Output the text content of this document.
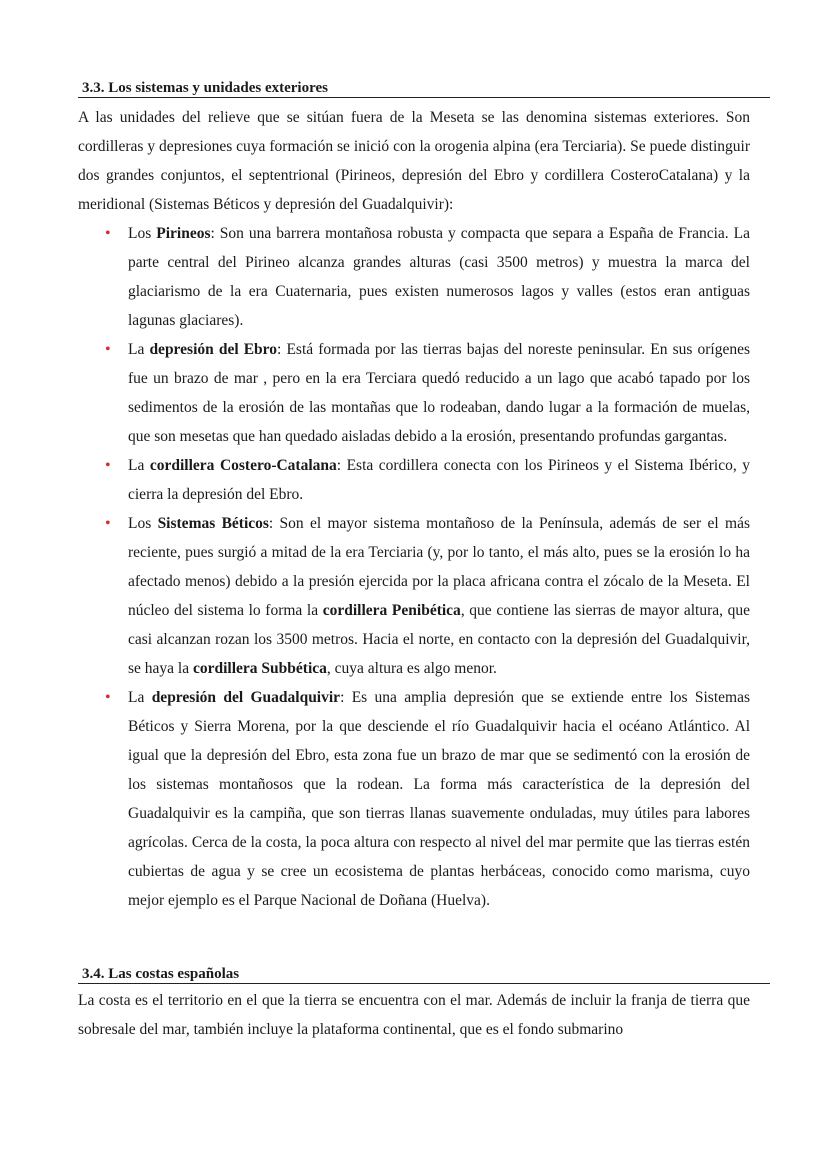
3.3. Los sistemas y unidades exteriores

A las unidades del relieve que se sitúan fuera de la Meseta se las denomina sistemas exteriores. Son cordilleras y depresiones cuya formación se inició con la orogenia alpina (era Terciaria). Se puede distinguir dos grandes conjuntos, el septentrional (Pirineos, depresión del Ebro y cordillera CosteroCatalana) y la meridional (Sistemas Béticos y depresión del Guadalquivir):

• Los Pirineos: Son una barrera montañosa robusta y compacta que separa a España de Francia. La parte central del Pirineo alcanza grandes alturas (casi 3500 metros) y muestra la marca del glaciarismo de la era Cuaternaria, pues existen numerosos lagos y valles (estos eran antiguas lagunas glaciares).
• La depresión del Ebro: Está formada por las tierras bajas del noreste peninsular. En sus orígenes fue un brazo de mar , pero en la era Terciara quedó reducido a un lago que acabó tapado por los sedimentos de la erosión de las montañas que lo rodeaban, dando lugar a la formación de muelas, que son mesetas que han quedado aisladas debido a la erosión, presentando profundas gargantas.
• La cordillera Costero-Catalana: Esta cordillera conecta con los Pirineos y el Sistema Ibérico, y cierra la depresión del Ebro.
• Los Sistemas Béticos: Son el mayor sistema montañoso de la Península, además de ser el más reciente, pues surgió a mitad de la era Terciaria (y, por lo tanto, el más alto, pues se la erosión lo ha afectado menos) debido a la presión ejercida por la placa africana contra el zócalo de la Meseta. El núcleo del sistema lo forma la cordillera Penibética, que contiene las sierras de mayor altura, que casi alcanzan rozan los 3500 metros. Hacia el norte, en contacto con la depresión del Guadalquivir, se haya la cordillera Subbética, cuya altura es algo menor.
• La depresión del Guadalquivir: Es una amplia depresión que se extiende entre los Sistemas Béticos y Sierra Morena, por la que desciende el río Guadalquivir hacia el océano Atlántico. Al igual que la depresión del Ebro, esta zona fue un brazo de mar que se sedimentó con la erosión de los sistemas montañosos que la rodean. La forma más característica de la depresión del Guadalquivir es la campiña, que son tierras llanas suavemente onduladas, muy útiles para labores agrícolas. Cerca de la costa, la poca altura con respecto al nivel del mar permite que las tierras estén cubiertas de agua y se cree un ecosistema de plantas herbáceas, conocido como marisma, cuyo mejor ejemplo es el Parque Nacional de Doñana (Huelva).
3.4. Las costas españolas

La costa es el territorio en el que la tierra se encuentra con el mar. Además de incluir la franja de tierra que sobresale del mar, también incluye la plataforma continental, que es el fondo submarino
